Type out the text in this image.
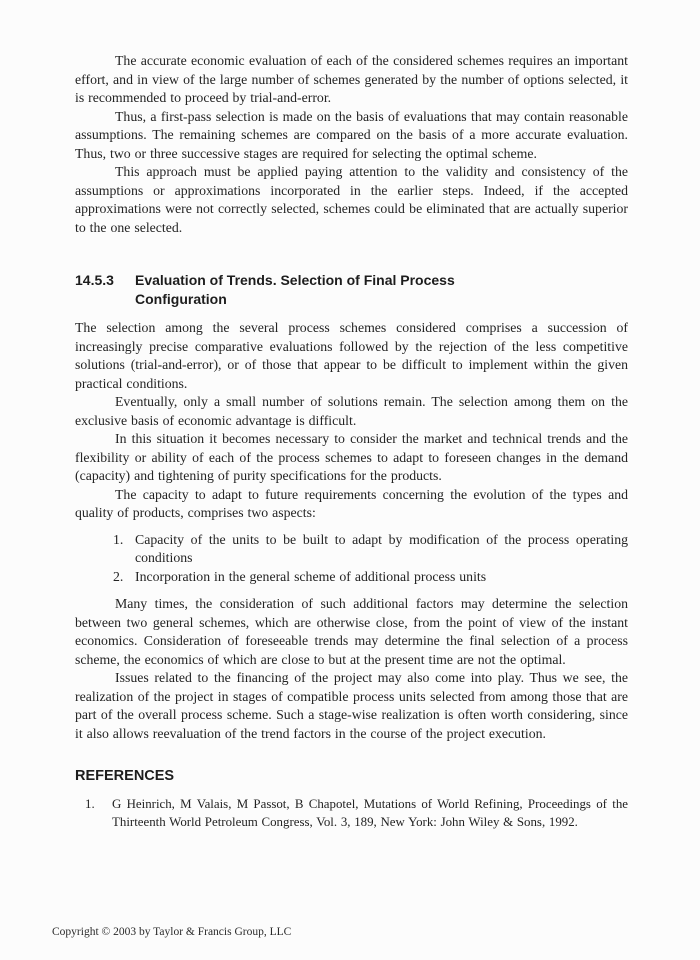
The accurate economic evaluation of each of the considered schemes requires an important effort, and in view of the large number of schemes generated by the number of options selected, it is recommended to proceed by trial-and-error.

Thus, a first-pass selection is made on the basis of evaluations that may contain reasonable assumptions. The remaining schemes are compared on the basis of a more accurate evaluation. Thus, two or three successive stages are required for selecting the optimal scheme.

This approach must be applied paying attention to the validity and consistency of the assumptions or approximations incorporated in the earlier steps. Indeed, if the accepted approximations were not correctly selected, schemes could be eliminated that are actually superior to the one selected.

14.5.3	Evaluation of Trends. Selection of Final Process
Configuration

The selection among the several process schemes considered comprises a succession of increasingly precise comparative evaluations followed by the rejection of the less competitive solutions (trial-and-error), or of those that appear to be difficult to implement within the given practical conditions.

Eventually, only a small number of solutions remain. The selection among them on the exclusive basis of economic advantage is difficult.

In this situation it becomes necessary to consider the market and technical trends and the flexibility or ability of each of the process schemes to adapt to foreseen changes in the demand (capacity) and tightening of purity specifications for the products.

The capacity to adapt to future requirements concerning the evolution of the types and quality of products, comprises two aspects:

1. Capacity of the units to be built to adapt by modification of the process operating conditions
2. Incorporation in the general scheme of additional process units

Many times, the consideration of such additional factors may determine the selection between two general schemes, which are otherwise close, from the point of view of the instant economics. Consideration of foreseeable trends may determine the final selection of a process scheme, the economics of which are close to but at the present time are not the optimal.

Issues related to the financing of the project may also come into play. Thus we see, the realization of the project in stages of compatible process units selected from among those that are part of the overall process scheme. Such a stage-wise realization is often worth considering, since it also allows reevaluation of the trend factors in the course of the project execution.

REFERENCES
1.	G Heinrich, M Valais, M Passot, B Chapotel, Mutations of World Refining, Proceedings of the Thirteenth World Petroleum Congress, Vol. 3, 189, New York: John Wiley & Sons, 1992.
Copyright © 2003 by Taylor & Francis Group, LLC
